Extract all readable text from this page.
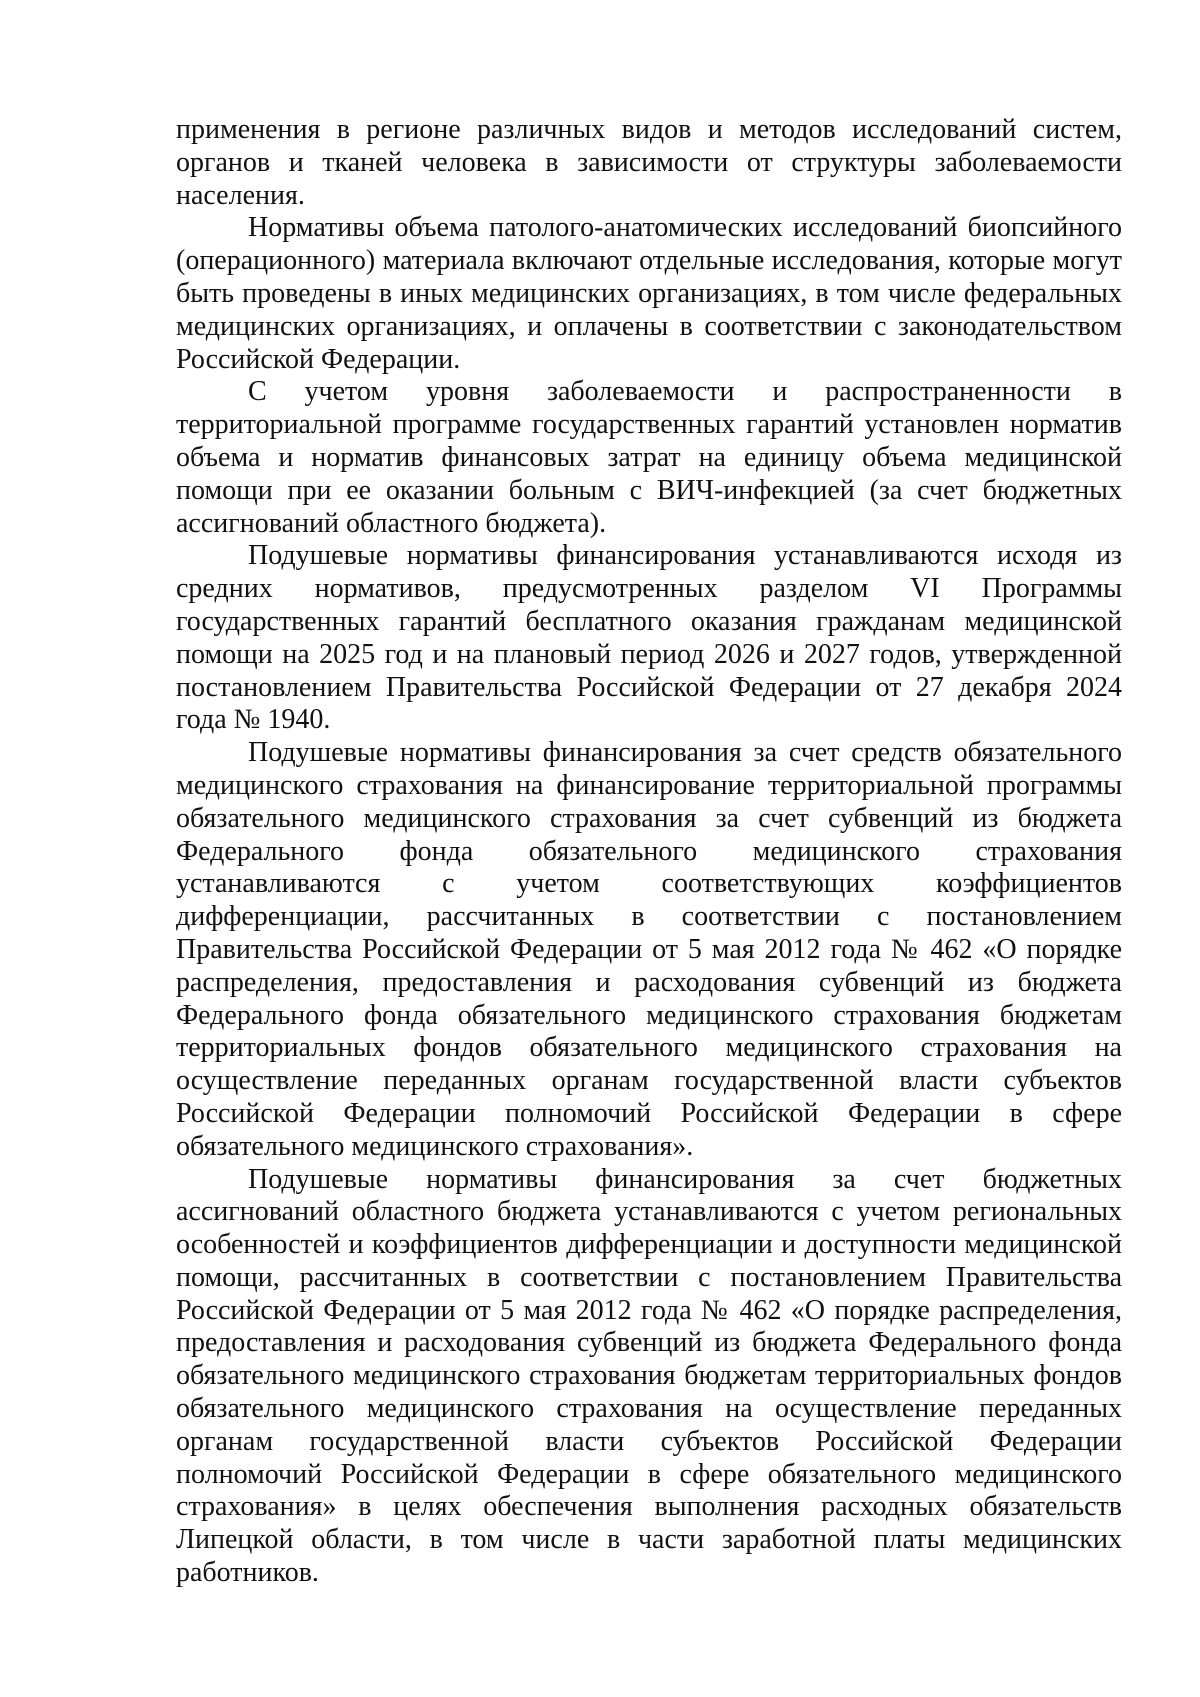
применения в регионе различных видов и методов исследований систем, органов и тканей человека в зависимости от структуры заболеваемости населения.

Нормативы объема патолого-анатомических исследований биопсийного (операционного) материала включают отдельные исследования, которые могут быть проведены в иных медицинских организациях, в том числе федеральных медицинских организациях, и оплачены в соответствии с законодательством Российской Федерации.

С учетом уровня заболеваемости и распространенности в территориальной программе государственных гарантий установлен норматив объема и норматив финансовых затрат на единицу объема медицинской помощи при ее оказании больным с ВИЧ-инфекцией (за счет бюджетных ассигнований областного бюджета).

Подушевые нормативы финансирования устанавливаются исходя из средних нормативов, предусмотренных разделом VI Программы государственных гарантий бесплатного оказания гражданам медицинской помощи на 2025 год и на плановый период 2026 и 2027 годов, утвержденной постановлением Правительства Российской Федерации от 27 декабря 2024 года № 1940.

Подушевые нормативы финансирования за счет средств обязательного медицинского страхования на финансирование территориальной программы обязательного медицинского страхования за счет субвенций из бюджета Федерального фонда обязательного медицинского страхования устанавливаются с учетом соответствующих коэффициентов дифференциации, рассчитанных в соответствии с постановлением Правительства Российской Федерации от 5 мая 2012 года № 462 «О порядке распределения, предоставления и расходования субвенций из бюджета Федерального фонда обязательного медицинского страхования бюджетам территориальных фондов обязательного медицинского страхования на осуществление переданных органам государственной власти субъектов Российской Федерации полномочий Российской Федерации в сфере обязательного медицинского страхования».

Подушевые нормативы финансирования за счет бюджетных ассигнований областного бюджета устанавливаются с учетом региональных особенностей и коэффициентов дифференциации и доступности медицинской помощи, рассчитанных в соответствии с постановлением Правительства Российской Федерации от 5 мая 2012 года № 462 «О порядке распределения, предоставления и расходования субвенций из бюджета Федерального фонда обязательного медицинского страхования бюджетам территориальных фондов обязательного медицинского страхования на осуществление переданных органам государственной власти субъектов Российской Федерации полномочий Российской Федерации в сфере обязательного медицинского страхования» в целях обеспечения выполнения расходных обязательств Липецкой области, в том числе в части заработной платы медицинских работников.
